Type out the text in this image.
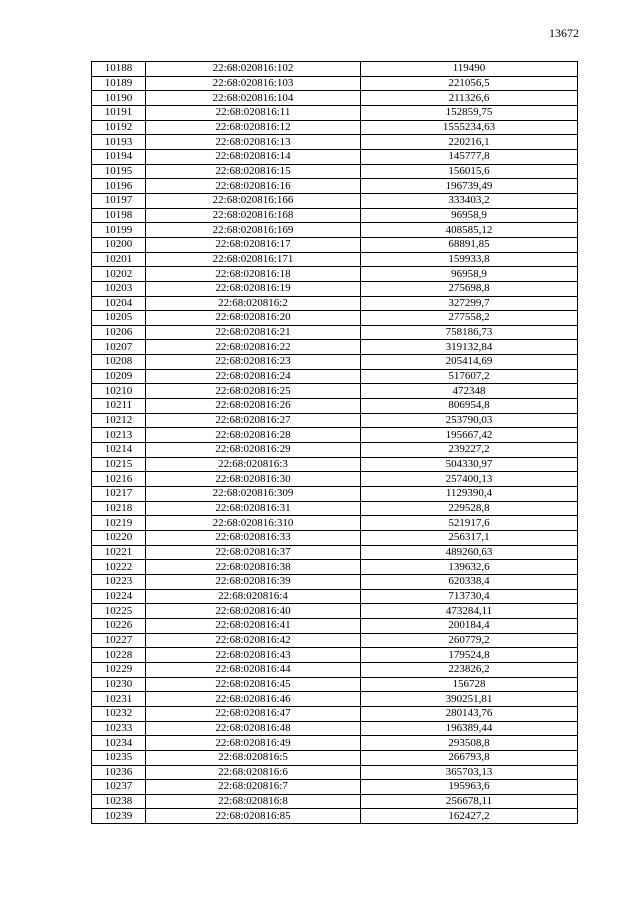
13672
10188	22:68:020816:102	119490
10189	22:68:020816:103	221056,5
10190	22:68:020816:104	211326,6
10191	22:68:020816:11	152859,75
10192	22:68:020816:12	1555234,63
10193	22:68:020816:13	220216,1
10194	22:68:020816:14	145777,8
10195	22:68:020816:15	156015,6
10196	22:68:020816:16	196739,49
10197	22:68:020816:166	333403,2
10198	22:68:020816:168	96958,9
10199	22:68:020816:169	408585,12
10200	22:68:020816:17	68891,85
10201	22:68:020816:171	159933,8
10202	22:68:020816:18	96958,9
10203	22:68:020816:19	275698,8
10204	22:68:020816:2	327299,7
10205	22:68:020816:20	277558,2
10206	22:68:020816:21	758186,73
10207	22:68:020816:22	319132,84
10208	22:68:020816:23	205414,69
10209	22:68:020816:24	517607,2
10210	22:68:020816:25	472348
10211	22:68:020816:26	806954,8
10212	22:68:020816:27	253790,03
10213	22:68:020816:28	195667,42
10214	22:68:020816:29	239227,2
10215	22:68:020816:3	504330,97
10216	22:68:020816:30	257400,13
10217	22:68:020816:309	1129390,4
10218	22:68:020816:31	229528,8
10219	22:68:020816:310	521917,6
10220	22:68:020816:33	256317,1
10221	22:68:020816:37	489260,63
10222	22:68:020816:38	139632,6
10223	22:68:020816:39	620338,4
10224	22:68:020816:4	713730,4
10225	22:68:020816:40	473284,11
10226	22:68:020816:41	200184,4
10227	22:68:020816:42	260779,2
10228	22:68:020816:43	179524,8
10229	22:68:020816:44	223826,2
10230	22:68:020816:45	156728
10231	22:68:020816:46	390251,81
10232	22:68:020816:47	280143,76
10233	22:68:020816:48	196389,44
10234	22:68:020816:49	293508,8
10235	22:68:020816:5	266793,8
10236	22:68:020816:6	365703,13
10237	22:68:020816:7	195963,6
10238	22:68:020816:8	256678,11
10239	22:68:020816:85	162427,2
